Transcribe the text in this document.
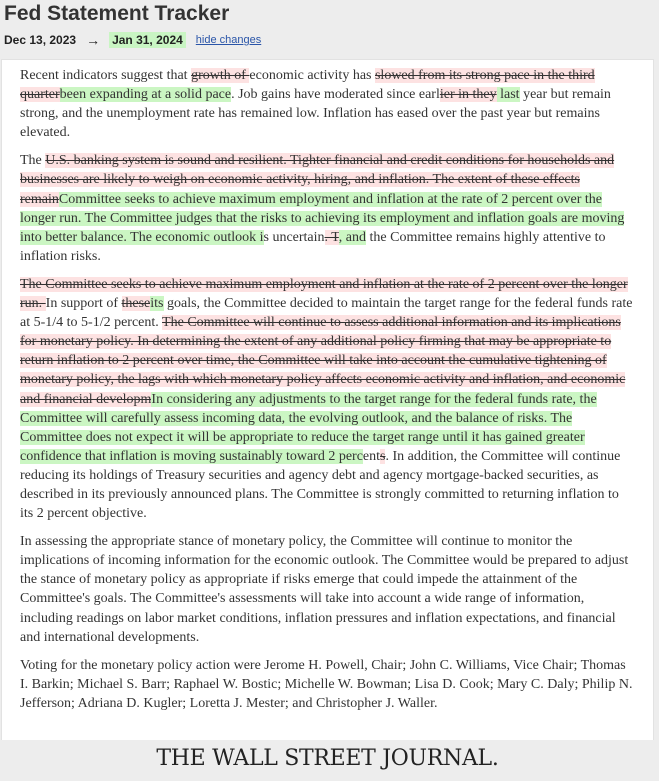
Fed Statement Tracker
Dec 13, 2023 → Jan 31, 2024 hide changes

Recent indicators suggest that growth of economic activity has slowed from its strong pace in the third quarterbeen expanding at a solid pace. Job gains have moderated since earlier in they last year but remain strong, and the unemployment rate has remained low. Inflation has eased over the past year but remains elevated.

The U.S. banking system is sound and resilient. Tighter financial and credit conditions for households and businesses are likely to weigh on economic activity, hiring, and inflation. The extent of these effects remainCommittee seeks to achieve maximum employment and inflation at the rate of 2 percent over the longer run. The Committee judges that the risks to achieving its employment and inflation goals are moving into better balance. The economic outlook is uncertain. T, and the Committee remains highly attentive to inflation risks.

The Committee seeks to achieve maximum employment and inflation at the rate of 2 percent over the longer run. In support of theseits goals, the Committee decided to maintain the target range for the federal funds rate at 5-1/4 to 5-1/2 percent. The Committee will continue to assess additional information and its implications for monetary policy. In determining the extent of any additional policy firming that may be appropriate to return inflation to 2 percent over time, the Committee will take into account the cumulative tightening of monetary policy, the lags with which monetary policy affects economic activity and inflation, and economic and financial developmIn considering any adjustments to the target range for the federal funds rate, the Committee will carefully assess incoming data, the evolving outlook, and the balance of risks. The Committee does not expect it will be appropriate to reduce the target range until it has gained greater confidence that inflation is moving sustainably toward 2 percents. In addition, the Committee will continue reducing its holdings of Treasury securities and agency debt and agency mortgage-backed securities, as described in its previously announced plans. The Committee is strongly committed to returning inflation to its 2 percent objective.

In assessing the appropriate stance of monetary policy, the Committee will continue to monitor the implications of incoming information for the economic outlook. The Committee would be prepared to adjust the stance of monetary policy as appropriate if risks emerge that could impede the attainment of the Committee's goals. The Committee's assessments will take into account a wide range of information, including readings on labor market conditions, inflation pressures and inflation expectations, and financial and international developments.

Voting for the monetary policy action were Jerome H. Powell, Chair; John C. Williams, Vice Chair; Thomas I. Barkin; Michael S. Barr; Raphael W. Bostic; Michelle W. Bowman; Lisa D. Cook; Mary C. Daly; Philip N. Jefferson; Adriana D. Kugler; Loretta J. Mester; and Christopher J. Waller.

THE WALL STREET JOURNAL.
